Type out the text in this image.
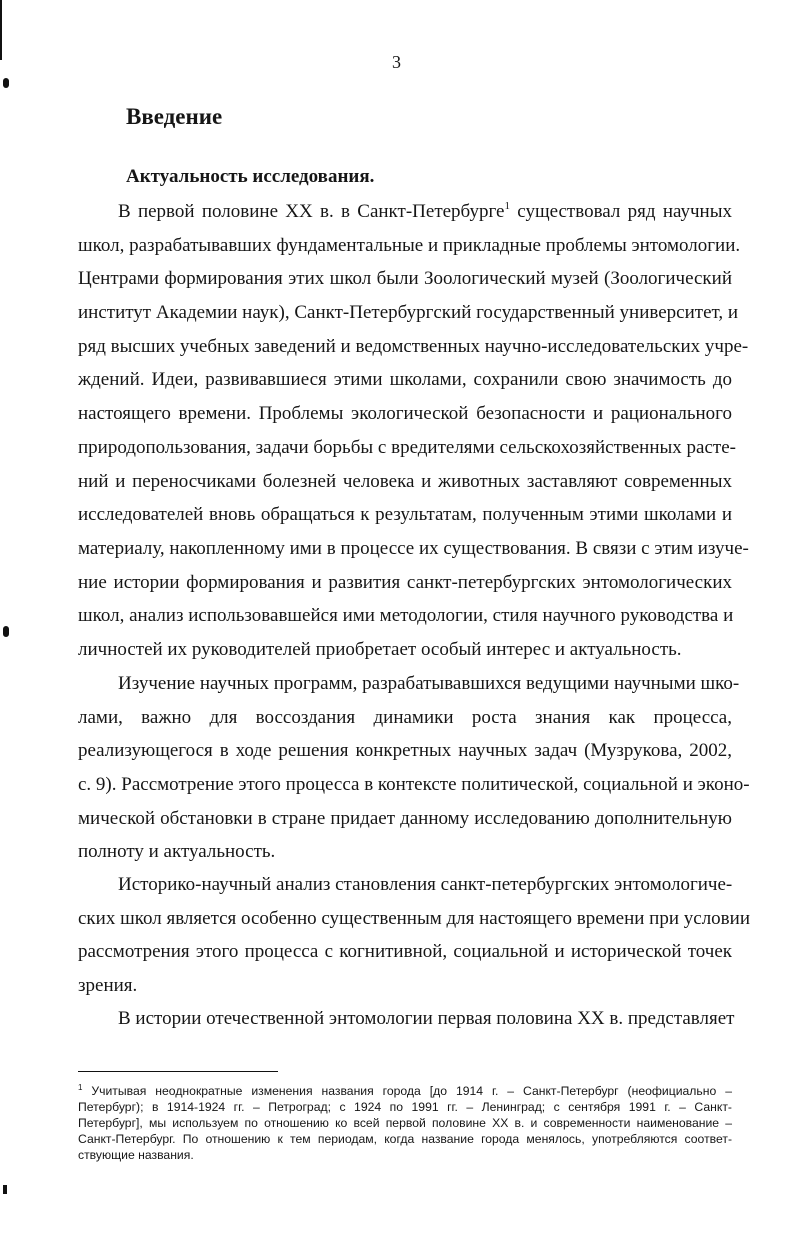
3
Введение
Актуальность исследования.
В первой половине XX в. в Санкт-Петербурге$^1$ существовал ряд научных
школ, разрабатывавших фундаментальные и прикладные проблемы энтомологии.
Центрами формирования этих школ были Зоологический музей (Зоологический
институт Академии наук), Санкт-Петербургский государственный университет, и
ряд высших учебных заведений и ведомственных научно-исследовательских учре-
ждений. Идеи, развивавшиеся этими школами, сохранили свою значимость до
настоящего времени. Проблемы экологической безопасности и рационального
природопользования, задачи борьбы с вредителями сельскохозяйственных расте-
ний и переносчиками болезней человека и животных заставляют современных
исследователей вновь обращаться к результатам, полученным этими школами и
материалу, накопленному ими в процессе их существования. В связи с этим изуче-
ние истории формирования и развития санкт-петербургских энтомологических
школ, анализ использовавшейся ими методологии, стиля научного руководства и
личностей их руководителей приобретает особый интерес и актуальность.
Изучение научных программ, разрабатывавшихся ведущими научными шко-
лами, важно для воссоздания динамики роста знания как процесса,
реализующегося в ходе решения конкретных научных задач (Музрукова, 2002,
с. 9). Рассмотрение этого процесса в контексте политической, социальной и эконо-
мической обстановки в стране придает данному исследованию дополнительную
полноту и актуальность.
Историко-научный анализ становления санкт-петербургских энтомологиче-
ских школ является особенно существенным для настоящего времени при условии
рассмотрения этого процесса с когнитивной, социальной и исторической точек
зрения.
В истории отечественной энтомологии первая половина XX в. представляет
$^1$ Учитывая неоднократные изменения названия города [до 1914 г. – Санкт-Петербург (неофициально –
Петербург); в 1914-1924 гг. – Петроград; с 1924 по 1991 гг. – Ленинград; с сентября 1991 г. – Санкт-
Петербург], мы используем по отношению ко всей первой половине XX в. и современности наименование –
Санкт-Петербург. По отношению к тем периодам, когда название города менялось, употребляются соответ-
ствующие названия.
